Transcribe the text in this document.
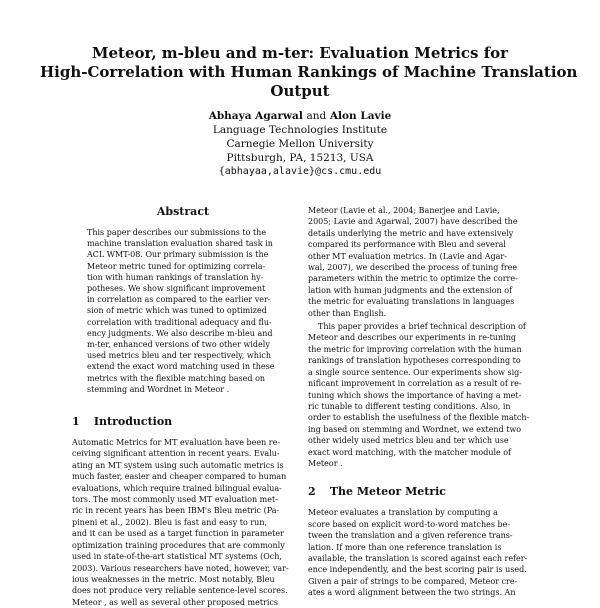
Meteor, m-bleu and m-ter: Evaluation Metrics for
High-Correlation with Human Rankings of Machine Translation
Output
Abhaya Agarwal and Alon Lavie
Language Technologies Institute
Carnegie Mellon University
Pittsburgh, PA, 15213, USA
{abhayaa,alavie}@cs.cmu.edu
Abstract
This paper describes our submissions to the
machine translation evaluation shared task in
ACL WMT-08. Our primary submission is the
Meteor metric tuned for optimizing correla-
tion with human rankings of translation hy-
potheses. We show significant improvement
in correlation as compared to the earlier ver-
sion of metric which was tuned to optimized
correlation with traditional adequacy and flu-
ency judgments. We also describe m-bleu and
m-ter, enhanced versions of two other widely
used metrics bleu and ter respectively, which
extend the exact word matching used in these
metrics with the flexible matching based on
stemming and Wordnet in Meteor .
1 Introduction
Automatic Metrics for MT evaluation have been re-
ceiving significant attention in recent years. Evalu-
ating an MT system using such automatic metrics is
much faster, easier and cheaper compared to human
evaluations, which require trained bilingual evalua-
tors. The most commonly used MT evaluation met-
ric in recent years has been IBM's Bleu metric (Pa-
pineni et al., 2002). Bleu is fast and easy to run,
and it can be used as a target function in parameter
optimization training procedures that are commonly
used in state-of-the-art statistical MT systems (Och,
2003). Various researchers have noted, however, var-
ious weaknesses in the metric. Most notably, Bleu
does not produce very reliable sentence-level scores.
Meteor , as well as several other proposed metrics
Meteor (Lavie et al., 2004; Banerjee and Lavie,
2005; Lavie and Agarwal, 2007) have described the
details underlying the metric and have extensively
compared its performance with Bleu and several
other MT evaluation metrics. In (Lavie and Agar-
wal, 2007), we described the process of tuning free
parameters within the metric to optimize the corre-
lation with human judgments and the extension of
the metric for evaluating translations in languages
other than English.
This paper provides a brief technical description of
Meteor and describes our experiments in re-tuning
the metric for improving correlation with the human
rankings of translation hypotheses corresponding to
a single source sentence. Our experiments show sig-
nificant improvement in correlation as a result of re-
tuning which shows the importance of having a met-
ric tunable to different testing conditions. Also, in
order to establish the usefulness of the flexible match-
ing based on stemming and Wordnet, we extend two
other widely used metrics bleu and ter which use
exact word matching, with the matcher module of
Meteor .
2 The Meteor Metric
Meteor evaluates a translation by computing a
score based on explicit word-to-word matches be-
tween the translation and a given reference trans-
lation. If more than one reference translation is
available, the translation is scored against each refer-
ence independently, and the best scoring pair is used.
Given a pair of strings to be compared, Meteor cre-
ates a word alignment between the two strings. An
